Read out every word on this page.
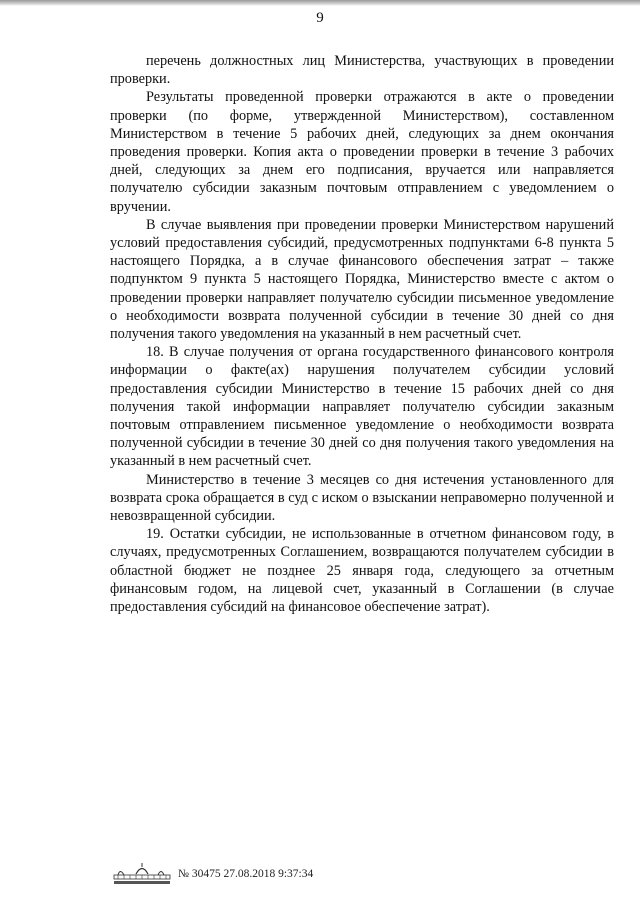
9

перечень должностных лиц Министерства, участвующих в проведении проверки.

Результаты проведенной проверки отражаются в акте о проведении проверки (по форме, утвержденной Министерством), составленном Министерством в течение 5 рабочих дней, следующих за днем окончания проведения проверки. Копия акта о проведении проверки в течение 3 рабочих дней, следующих за днем его подписания, вручается или направляется получателю субсидии заказным почтовым отправлением с уведомлением о вручении.

В случае выявления при проведении проверки Министерством нарушений условий предоставления субсидий, предусмотренных подпунктами 6-8 пункта 5 настоящего Порядка, а в случае финансового обеспечения затрат – также подпунктом 9 пункта 5 настоящего Порядка, Министерство вместе с актом о проведении проверки направляет получателю субсидии письменное уведомление о необходимости возврата полученной субсидии в течение 30 дней со дня получения такого уведомления на указанный в нем расчетный счет.

18. В случае получения от органа государственного финансового контроля информации о факте(ах) нарушения получателем субсидии условий предоставления субсидии Министерство в течение 15 рабочих дней со дня получения такой информации направляет получателю субсидии заказным почтовым отправлением письменное уведомление о необходимости возврата полученной субсидии в течение 30 дней со дня получения такого уведомления на указанный в нем расчетный счет.

Министерство в течение 3 месяцев со дня истечения установленного для возврата срока обращается в суд с иском о взыскании неправомерно полученной и невозвращенной субсидии.

19. Остатки субсидии, не использованные в отчетном финансовом году, в случаях, предусмотренных Соглашением, возвращаются получателем субсидии в областной бюджет не позднее 25 января года, следующего за отчетным финансовым годом, на лицевой счет, указанный в Соглашении (в случае предоставления субсидий на финансовое обеспечение затрат).

№ 30475 27.08.2018 9:37:34
